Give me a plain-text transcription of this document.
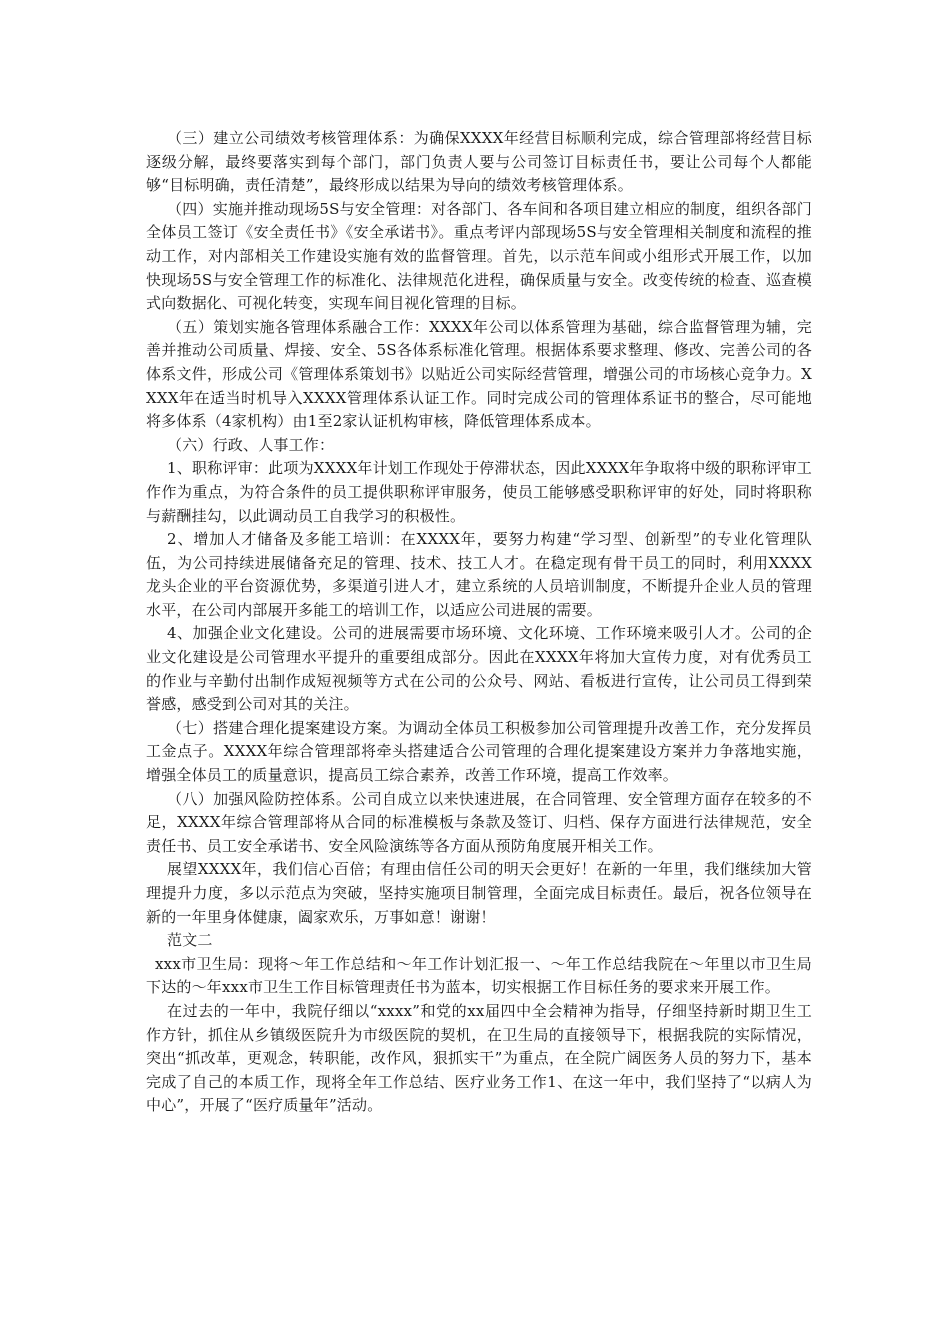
（三）建立公司绩效考核管理体系：为确保XXXX年经营目标顺利完成，综合管理部将经营目标逐级分解，最终要落实到每个部门，部门负责人要与公司签订目标责任书，要让公司每个人都能够“目标明确，责任清楚”，最终形成以结果为导向的绩效考核管理体系。

（四）实施并推动现场5S与安全管理：对各部门、各车间和各项目建立相应的制度，组织各部门全体员工签订《安全责任书》《安全承诺书》。重点考评内部现场5S与安全管理相关制度和流程的推动工作，对内部相关工作建设实施有效的监督管理。首先，以示范车间或小组形式开展工作，以加快现场5S与安全管理工作的标准化、法律规范化进程，确保质量与安全。改变传统的检查、巡查模式向数据化、可视化转变，实现车间目视化管理的目标。

（五）策划实施各管理体系融合工作：XXXX年公司以体系管理为基础，综合监督管理为辅，完善并推动公司质量、焊接、安全、5S各体系标准化管理。根据体系要求整理、修改、完善公司的各体系文件，形成公司《管理体系策划书》以贴近公司实际经营管理，增强公司的市场核心竞争力。XXXX年在适当时机导入XXXX管理体系认证工作。同时完成公司的管理体系证书的整合，尽可能地将多体系（4家机构）由1至2家认证机构审核，降低管理体系成本。

（六）行政、人事工作：

1、职称评审：此项为XXXX年计划工作现处于停滞状态，因此XXXX年争取将中级的职称评审工作作为重点，为符合条件的员工提供职称评审服务，使员工能够感受职称评审的好处，同时将职称与薪酬挂勾，以此调动员工自我学习的积极性。

2、增加人才储备及多能工培训：在XXXX年，要努力构建“学习型、创新型”的专业化管理队伍，为公司持续进展储备充足的管理、技术、技工人才。在稳定现有骨干员工的同时，利用XXXX龙头企业的平台资源优势，多渠道引进人才，建立系统的人员培训制度，不断提升企业人员的管理水平，在公司内部展开多能工的培训工作，以适应公司进展的需要。

4、加强企业文化建设。公司的进展需要市场环境、文化环境、工作环境来吸引人才。公司的企业文化建设是公司管理水平提升的重要组成部分。因此在XXXX年将加大宣传力度，对有优秀员工的作业与辛勤付出制作成短视频等方式在公司的公众号、网站、看板进行宣传，让公司员工得到荣誉感，感受到公司对其的关注。

（七）搭建合理化提案建设方案。为调动全体员工积极参加公司管理提升改善工作，充分发挥员工金点子。XXXX年综合管理部将牵头搭建适合公司管理的合理化提案建设方案并力争落地实施，增强全体员工的质量意识，提高员工综合素养，改善工作环境，提高工作效率。

（八）加强风险防控体系。公司自成立以来快速进展，在合同管理、安全管理方面存在较多的不足，XXXX年综合管理部将从合同的标准模板与条款及签订、归档、保存方面进行法律规范，安全责任书、员工安全承诺书、安全风险演练等各方面从预防角度展开相关工作。

展望XXXX年，我们信心百倍；有理由信任公司的明天会更好！在新的一年里，我们继续加大管理提升力度，多以示范点为突破，坚持实施项目制管理，全面完成目标责任。最后，祝各位领导在新的一年里身体健康，阖家欢乐，万事如意！谢谢！

范文二

xxx市卫生局：现将～年工作总结和～年工作计划汇报一、～年工作总结我院在～年里以市卫生局下达的～年xxx市卫生工作目标管理责任书为蓝本，切实根据工作目标任务的要求来开展工作。

在过去的一年中，我院仔细以“xxxx”和党的xx届四中全会精神为指导，仔细坚持新时期卫生工作方针，抓住从乡镇级医院升为市级医院的契机，在卫生局的直接领导下，根据我院的实际情况，突出“抓改革，更观念，转职能，改作风，狠抓实干”为重点，在全院广阔医务人员的努力下，基本完成了自己的本质工作，现将全年工作总结、医疗业务工作1、在这一年中，我们坚持了“以病人为中心”，开展了“医疗质量年”活动。
